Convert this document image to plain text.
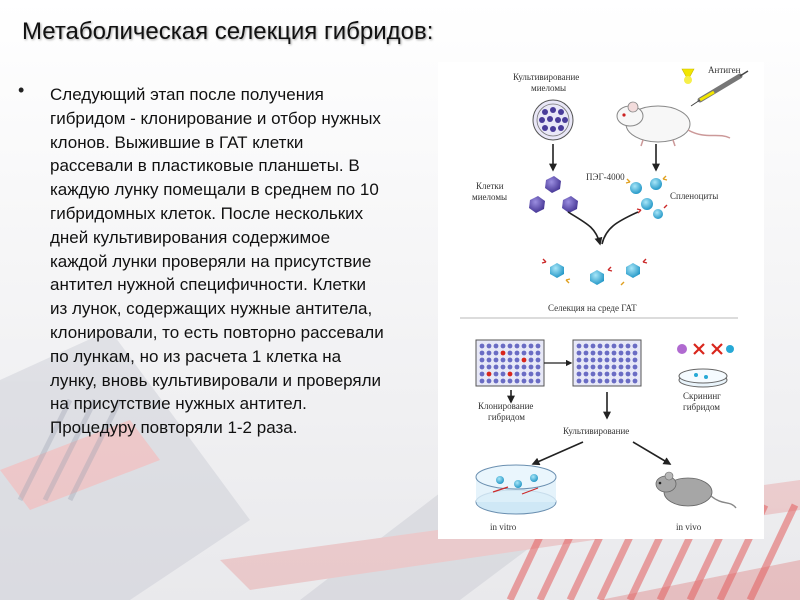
Метаболическая селекция гибридов:
• Следующий этап после получения гибридом - клонирование и отбор нужных клонов. Выжившие в ГАТ клетки рассевали в пластиковые планшеты. В каждую лунку помещали в среднем по 10 гибридомных клеток. После нескольких дней культивирования содержимое каждой лунки проверяли на присутствие антител нужной специфичности. Клетки из лунок, содержащих нужные антитела, клонировали, то есть повторно рассевали по лункам, но из расчета 1 клетка на лунку, вновь культивировали и проверяли на присутствие нужных антител. Процедуру повторяли 1-2 раза.

Культивирование
миеломы
Антиген
Клетки
миеломы	Спленоциты
ПЭГ-4000
Селекция на среде ГАТ
Клонирование
гибридом
Скрининг
гибридом
Культивирование
in vitro	in vivo
